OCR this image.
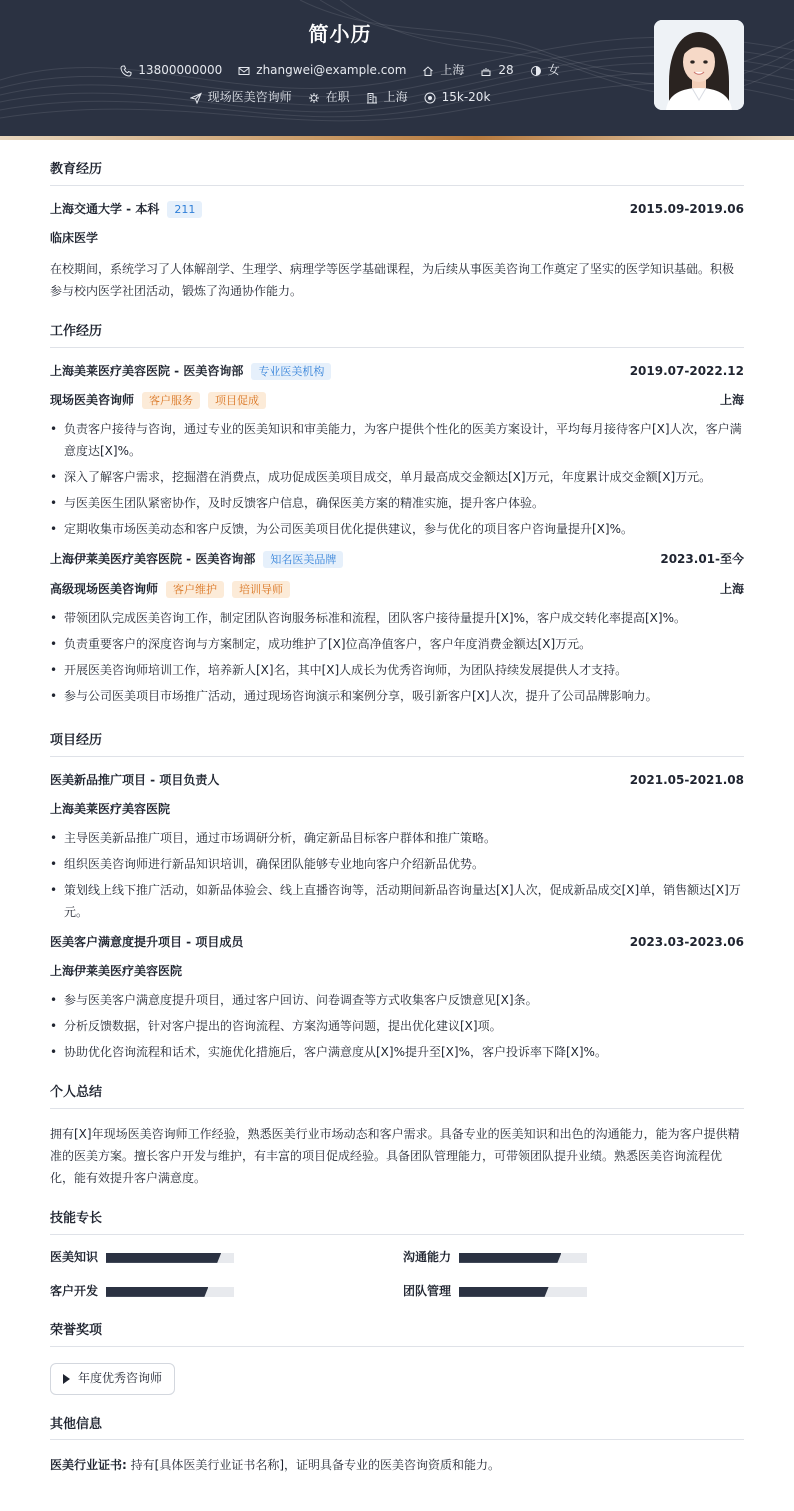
简小历
13800000000	zhangwei@example.com	上海	28	女
现场医美咨询师	在职	上海	15k-20k
教育经历
上海交通大学 - 本科	211	2015.09-2019.06
临床医学
在校期间，系统学习了人体解剖学、生理学、病理学等医学基础课程，为后续从事医美咨询工作奠定了坚实的医学知识基础。积极参与校内医学社团活动，锻炼了沟通协作能力。
工作经历
上海美莱医疗美容医院 - 医美咨询部	专业医美机构	2019.07-2022.12
现场医美咨询师	客户服务	项目促成	上海
• 负责客户接待与咨询，通过专业的医美知识和审美能力，为客户提供个性化的医美方案设计，平均每月接待客户[X]人次，客户满意度达[X]%。
• 深入了解客户需求，挖掘潜在消费点，成功促成医美项目成交，单月最高成交金额达[X]万元，年度累计成交金额[X]万元。
• 与医美医生团队紧密协作，及时反馈客户信息，确保医美方案的精准实施，提升客户体验。
• 定期收集市场医美动态和客户反馈，为公司医美项目优化提供建议，参与优化的项目客户咨询量提升[X]%。
上海伊莱美医疗美容医院 - 医美咨询部	知名医美品牌	2023.01-至今
高级现场医美咨询师	客户维护	培训导师	上海
• 带领团队完成医美咨询工作，制定团队咨询服务标准和流程，团队客户接待量提升[X]%，客户成交转化率提高[X]%。
• 负责重要客户的深度咨询与方案制定，成功维护了[X]位高净值客户，客户年度消费金额达[X]万元。
• 开展医美咨询师培训工作，培养新人[X]名，其中[X]人成长为优秀咨询师，为团队持续发展提供人才支持。
• 参与公司医美项目市场推广活动，通过现场咨询演示和案例分享，吸引新客户[X]人次，提升了公司品牌影响力。
项目经历
医美新品推广项目 - 项目负责人	2021.05-2021.08
上海美莱医疗美容医院
• 主导医美新品推广项目，通过市场调研分析，确定新品目标客户群体和推广策略。
• 组织医美咨询师进行新品知识培训，确保团队能够专业地向客户介绍新品优势。
• 策划线上线下推广活动，如新品体验会、线上直播咨询等，活动期间新品咨询量达[X]人次，促成新品成交[X]单，销售额达[X]万元。
医美客户满意度提升项目 - 项目成员	2023.03-2023.06
上海伊莱美医疗美容医院
• 参与医美客户满意度提升项目，通过客户回访、问卷调查等方式收集客户反馈意见[X]条。
• 分析反馈数据，针对客户提出的咨询流程、方案沟通等问题，提出优化建议[X]项。
• 协助优化咨询流程和话术，实施优化措施后，客户满意度从[X]%提升至[X]%，客户投诉率下降[X]%。
个人总结
拥有[X]年现场医美咨询师工作经验，熟悉医美行业市场动态和客户需求。具备专业的医美知识和出色的沟通能力，能为客户提供精准的医美方案。擅长客户开发与维护，有丰富的项目促成经验。具备团队管理能力，可带领团队提升业绩。熟悉医美咨询流程优化，能有效提升客户满意度。
技能专长
医美知识	沟通能力
客户开发	团队管理
荣誉奖项
年度优秀咨询师
其他信息
医美行业证书: 持有[具体医美行业证书名称]，证明具备专业的医美咨询资质和能力。
